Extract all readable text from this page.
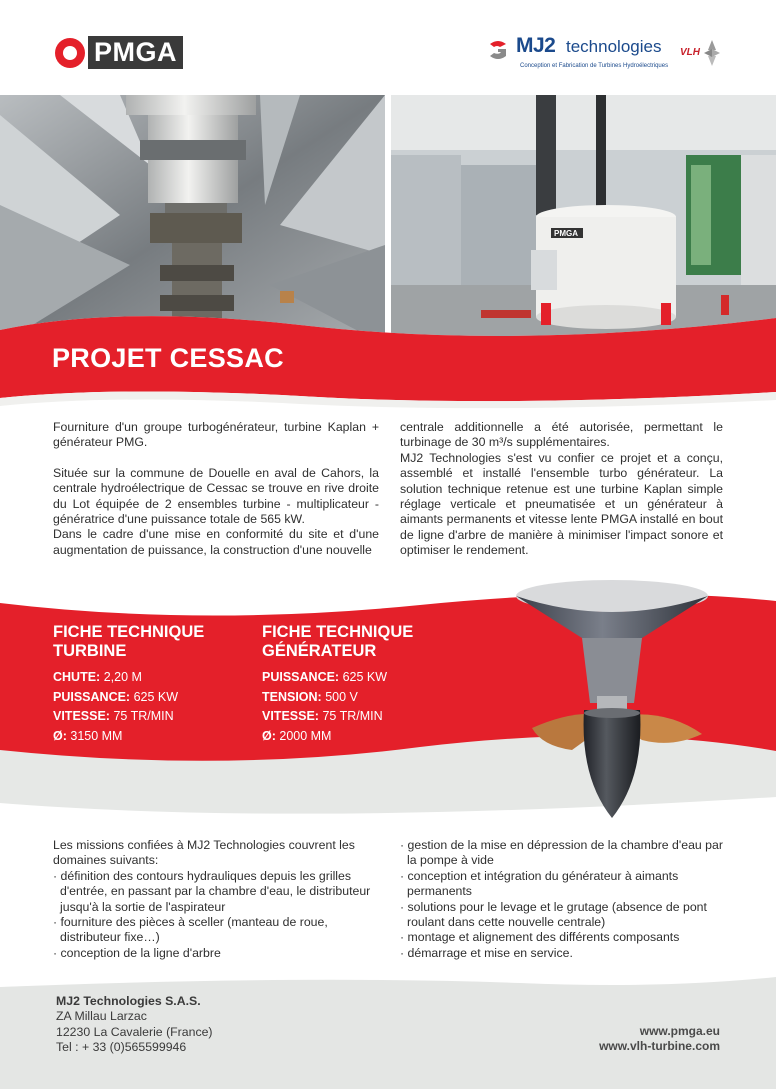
PMGA	MJ2 technologies
Conception et Fabrication de Turbines Hydroélectriques
VLH
PMGA
PROJET CESSAC

Fourniture d'un groupe turbogénérateur, turbine Kaplan + générateur PMG.

Située sur la commune de Douelle en aval de Cahors, la centrale hydroélectrique de Cessac se trouve en rive droite du Lot équipée de 2 ensembles turbine - multiplicateur - génératrice d'une puissance totale de 565 kW.

Dans le cadre d'une mise en conformité du site et d'une augmentation de puissance, la construction d'une nouvelle

centrale additionnelle a été autorisée, permettant le turbinage de 30 m³/s supplémentaires.

MJ2 Technologies s'est vu confier ce projet et a conçu, assemblé et installé l'ensemble turbo générateur. La solution technique retenue est une turbine Kaplan simple réglage verticale et pneumatisée et un générateur à aimants permanents et vitesse lente PMGA installé en bout de ligne d'arbre de manière à minimiser l'impact sonore et optimiser le rendement.

FICHE TECHNIQUE
TURBINE
CHUTE: 2,20 M
PUISSANCE: 625 KW
VITESSE: 75 TR/MIN
Ø: 3150 MM
FICHE TECHNIQUE
GÉNÉRATEUR
PUISSANCE: 625 KW
TENSION: 500 V
VITESSE: 75 TR/MIN
Ø: 2000 MM

Les missions confiées à MJ2 Technologies couvrent les domaines suivants:

· définition des contours hydrauliques depuis les grilles d'entrée, en passant par la chambre d'eau, le distributeur jusqu'à la sortie de l'aspirateur

· fourniture des pièces à sceller (manteau de roue, distributeur fixe…)

· conception de la ligne d'arbre

· gestion de la mise en dépression de la chambre d'eau par la pompe à vide

· conception et intégration du générateur à aimants permanents

· solutions pour le levage et le grutage (absence de pont roulant dans cette nouvelle centrale)

· montage et alignement des différents composants

· démarrage et mise en service.

MJ2 Technologies S.A.S.
ZA Millau Larzac
12230 La Cavalerie (France)
Tel : + 33 (0)565599946
www.pmga.eu
www.vlh-turbine.com
